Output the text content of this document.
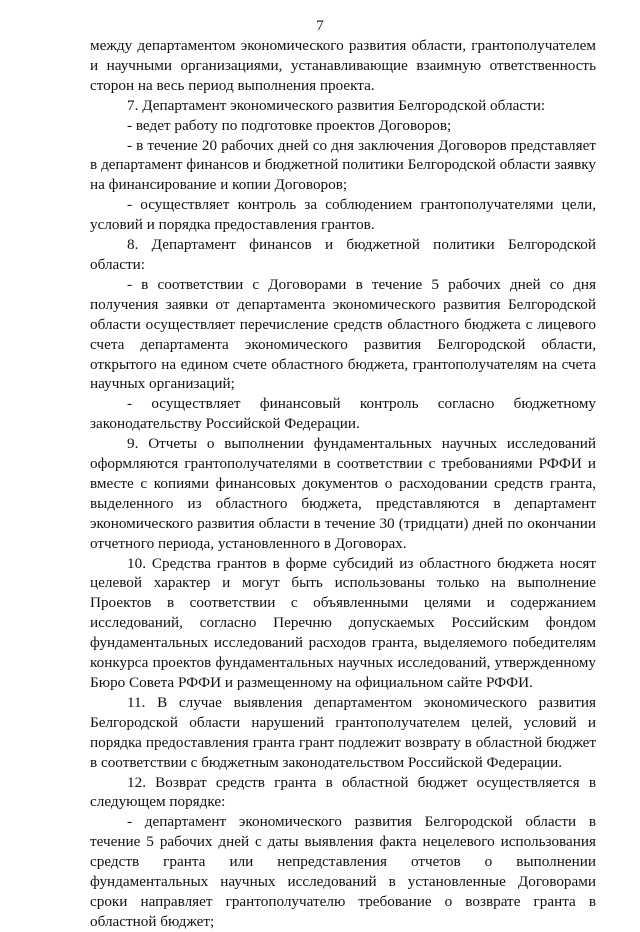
7

между департаментом экономического развития области, грантополучателем и научными организациями, устанавливающие взаимную ответственность сторон на весь период выполнения проекта.

7. Департамент экономического развития Белгородской области:

- ведет работу по подготовке проектов Договоров;

- в течение 20 рабочих дней со дня заключения Договоров представляет в департамент финансов и бюджетной политики Белгородской области заявку на финансирование и копии Договоров;

- осуществляет контроль за соблюдением грантополучателями цели, условий и порядка предоставления грантов.

8. Департамент финансов и бюджетной политики Белгородской области:

- в соответствии с Договорами в течение 5 рабочих дней со дня получения заявки от департамента экономического развития Белгородской области осуществляет перечисление средств областного бюджета с лицевого счета департамента экономического развития Белгородской области, открытого на едином счете областного бюджета, грантополучателям на счета научных организаций;

- осуществляет финансовый контроль согласно бюджетному законодательству Российской Федерации.

9. Отчеты о выполнении фундаментальных научных исследований оформляются грантополучателями в соответствии с требованиями РФФИ и вместе с копиями финансовых документов о расходовании средств гранта, выделенного из областного бюджета, представляются в департамент экономического развития области в течение 30 (тридцати) дней по окончании отчетного периода, установленного в Договорах.

10. Средства грантов в форме субсидий из областного бюджета носят целевой характер и могут быть использованы только на выполнение Проектов в соответствии с объявленными целями и содержанием исследований, согласно Перечню допускаемых Российским фондом фундаментальных исследований расходов гранта, выделяемого победителям конкурса проектов фундаментальных научных исследований, утвержденному Бюро Совета РФФИ и размещенному на официальном сайте РФФИ.

11. В случае выявления департаментом экономического развития Белгородской области нарушений грантополучателем целей, условий и порядка предоставления гранта грант подлежит возврату в областной бюджет в соответствии с бюджетным законодательством Российской Федерации.

12. Возврат средств гранта в областной бюджет осуществляется в следующем порядке:

- департамент экономического развития Белгородской области в течение 5 рабочих дней с даты выявления факта нецелевого использования средств гранта или непредставления отчетов о выполнении фундаментальных научных исследований в установленные Договорами сроки направляет грантополучателю требование о возврате гранта в областной бюджет;
